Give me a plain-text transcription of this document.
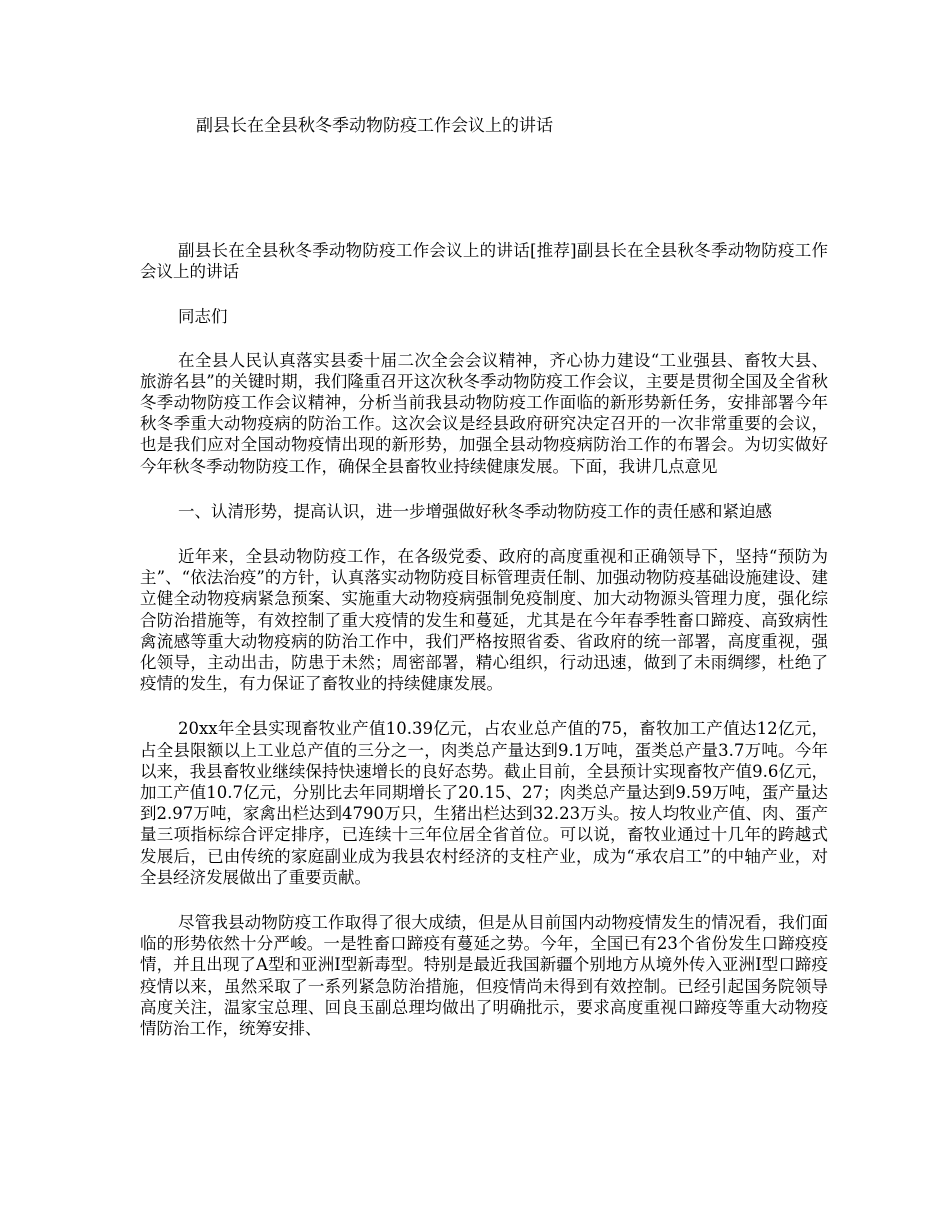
副县长在全县秋冬季动物防疫工作会议上的讲话

副县长在全县秋冬季动物防疫工作会议上的讲话[推荐]副县长在全县秋冬季动物防疫工作会议上的讲话

同志们

在全县人民认真落实县委十届二次全会会议精神，齐心协力建设“工业强县、畜牧大县、旅游名县”的关键时期，我们隆重召开这次秋冬季动物防疫工作会议，主要是贯彻全国及全省秋冬季动物防疫工作会议精神，分析当前我县动物防疫工作面临的新形势新任务，安排部署今年秋冬季重大动物疫病的防治工作。这次会议是经县政府研究决定召开的一次非常重要的会议，也是我们应对全国动物疫情出现的新形势，加强全县动物疫病防治工作的布署会。为切实做好今年秋冬季动物防疫工作，确保全县畜牧业持续健康发展。下面，我讲几点意见

一、认清形势，提高认识，进一步增强做好秋冬季动物防疫工作的责任感和紧迫感

近年来，全县动物防疫工作，在各级党委、政府的高度重视和正确领导下，坚持“预防为主”、“依法治疫”的方针，认真落实动物防疫目标管理责任制、加强动物防疫基础设施建设、建立健全动物疫病紧急预案、实施重大动物疫病强制免疫制度、加大动物源头管理力度，强化综合防治措施等，有效控制了重大疫情的发生和蔓延，尤其是在今年春季牲畜口蹄疫、高致病性禽流感等重大动物疫病的防治工作中，我们严格按照省委、省政府的统一部署，高度重视，强化领导，主动出击，防患于未然；周密部署，精心组织，行动迅速，做到了未雨绸缪，杜绝了疫情的发生，有力保证了畜牧业的持续健康发展。

20xx年全县实现畜牧业产值10.39亿元，占农业总产值的75，畜牧加工产值达12亿元，占全县限额以上工业总产值的三分之一，肉类总产量达到9.1万吨，蛋类总产量3.7万吨。今年以来，我县畜牧业继续保持快速增长的良好态势。截止目前，全县预计实现畜牧产值9.6亿元，加工产值10.7亿元，分别比去年同期增长了20.15、27；肉类总产量达到9.59万吨，蛋产量达到2.97万吨，家禽出栏达到4790万只，生猪出栏达到32.23万头。按人均牧业产值、肉、蛋产量三项指标综合评定排序，已连续十三年位居全省首位。可以说，畜牧业通过十几年的跨越式发展后，已由传统的家庭副业成为我县农村经济的支柱产业，成为“承农启工”的中轴产业，对全县经济发展做出了重要贡献。

尽管我县动物防疫工作取得了很大成绩，但是从目前国内动物疫情发生的情况看，我们面临的形势依然十分严峻。一是牲畜口蹄疫有蔓延之势。今年，全国已有23个省份发生口蹄疫疫情，并且出现了A型和亚洲I型新毒型。特别是最近我国新疆个别地方从境外传入亚洲I型口蹄疫疫情以来，虽然采取了一系列紧急防治措施，但疫情尚未得到有效控制。已经引起国务院领导高度关注，温家宝总理、回良玉副总理均做出了明确批示，要求高度重视口蹄疫等重大动物疫情防治工作，统筹安排、
